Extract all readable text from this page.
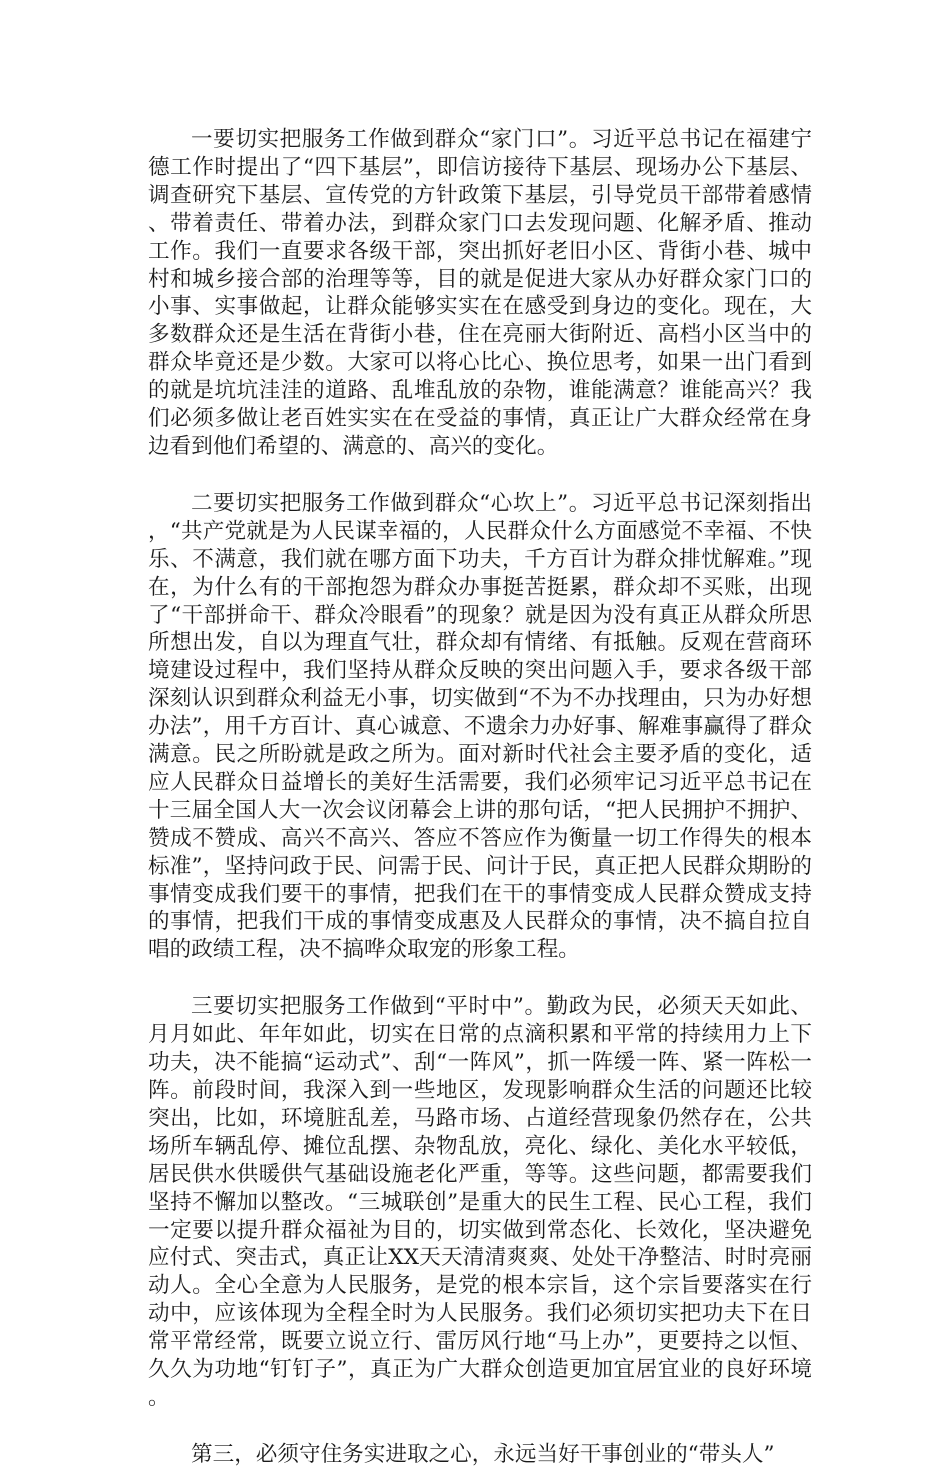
一要切实把服务工作做到群众“家门口”。习近平总书记在福建宁德工作时提出了“四下基层”，即信访接待下基层、现场办公下基层、调查研究下基层、宣传党的方针政策下基层，引导党员干部带着感情、带着责任、带着办法，到群众家门口去发现问题、化解矛盾、推动工作。我们一直要求各级干部，突出抓好老旧小区、背街小巷、城中村和城乡接合部的治理等等，目的就是促进大家从办好群众家门口的小事、实事做起，让群众能够实实在在感受到身边的变化。现在，大多数群众还是生活在背街小巷，住在亮丽大街附近、高档小区当中的群众毕竟还是少数。大家可以将心比心、换位思考，如果一出门看到的就是坑坑洼洼的道路、乱堆乱放的杂物，谁能满意？谁能高兴？我们必须多做让老百姓实实在在受益的事情，真正让广大群众经常在身边看到他们希望的、满意的、高兴的变化。

二要切实把服务工作做到群众“心坎上”。习近平总书记深刻指出，“共产党就是为人民谋幸福的，人民群众什么方面感觉不幸福、不快乐、不满意，我们就在哪方面下功夫，千方百计为群众排忧解难。”现在，为什么有的干部抱怨为群众办事挺苦挺累，群众却不买账，出现了“干部拼命干、群众冷眼看”的现象？就是因为没有真正从群众所思所想出发，自以为理直气壮，群众却有情绪、有抵触。反观在营商环境建设过程中，我们坚持从群众反映的突出问题入手，要求各级干部深刻认识到群众利益无小事，切实做到“不为不办找理由，只为办好想办法”，用千方百计、真心诚意、不遗余力办好事、解难事赢得了群众满意。民之所盼就是政之所为。面对新时代社会主要矛盾的变化，适应人民群众日益增长的美好生活需要，我们必须牢记习近平总书记在十三届全国人大一次会议闭幕会上讲的那句话，“把人民拥护不拥护、赞成不赞成、高兴不高兴、答应不答应作为衡量一切工作得失的根本标准”，坚持问政于民、问需于民、问计于民，真正把人民群众期盼的事情变成我们要干的事情，把我们在干的事情变成人民群众赞成支持的事情，把我们干成的事情变成惠及人民群众的事情，决不搞自拉自唱的政绩工程，决不搞哗众取宠的形象工程。

三要切实把服务工作做到“平时中”。勤政为民，必须天天如此、月月如此、年年如此，切实在日常的点滴积累和平常的持续用力上下功夫，决不能搞“运动式”、刮“一阵风”，抓一阵缓一阵、紧一阵松一阵。前段时间，我深入到一些地区，发现影响群众生活的问题还比较突出，比如，环境脏乱差，马路市场、占道经营现象仍然存在，公共场所车辆乱停、摊位乱摆、杂物乱放，亮化、绿化、美化水平较低，居民供水供暖供气基础设施老化严重，等等。这些问题，都需要我们坚持不懈加以整改。“三城联创”是重大的民生工程、民心工程，我们一定要以提升群众福祉为目的，切实做到常态化、长效化，坚决避免应付式、突击式，真正让XX天天清清爽爽、处处干净整洁、时时亮丽动人。全心全意为人民服务，是党的根本宗旨，这个宗旨要落实在行动中，应该体现为全程全时为人民服务。我们必须切实把功夫下在日常平常经常，既要立说立行、雷厉风行地“马上办”，更要持之以恒、久久为功地“钉钉子”，真正为广大群众创造更加宜居宜业的良好环境。

第三，必须守住务实进取之心，永远当好干事创业的“带头人”
